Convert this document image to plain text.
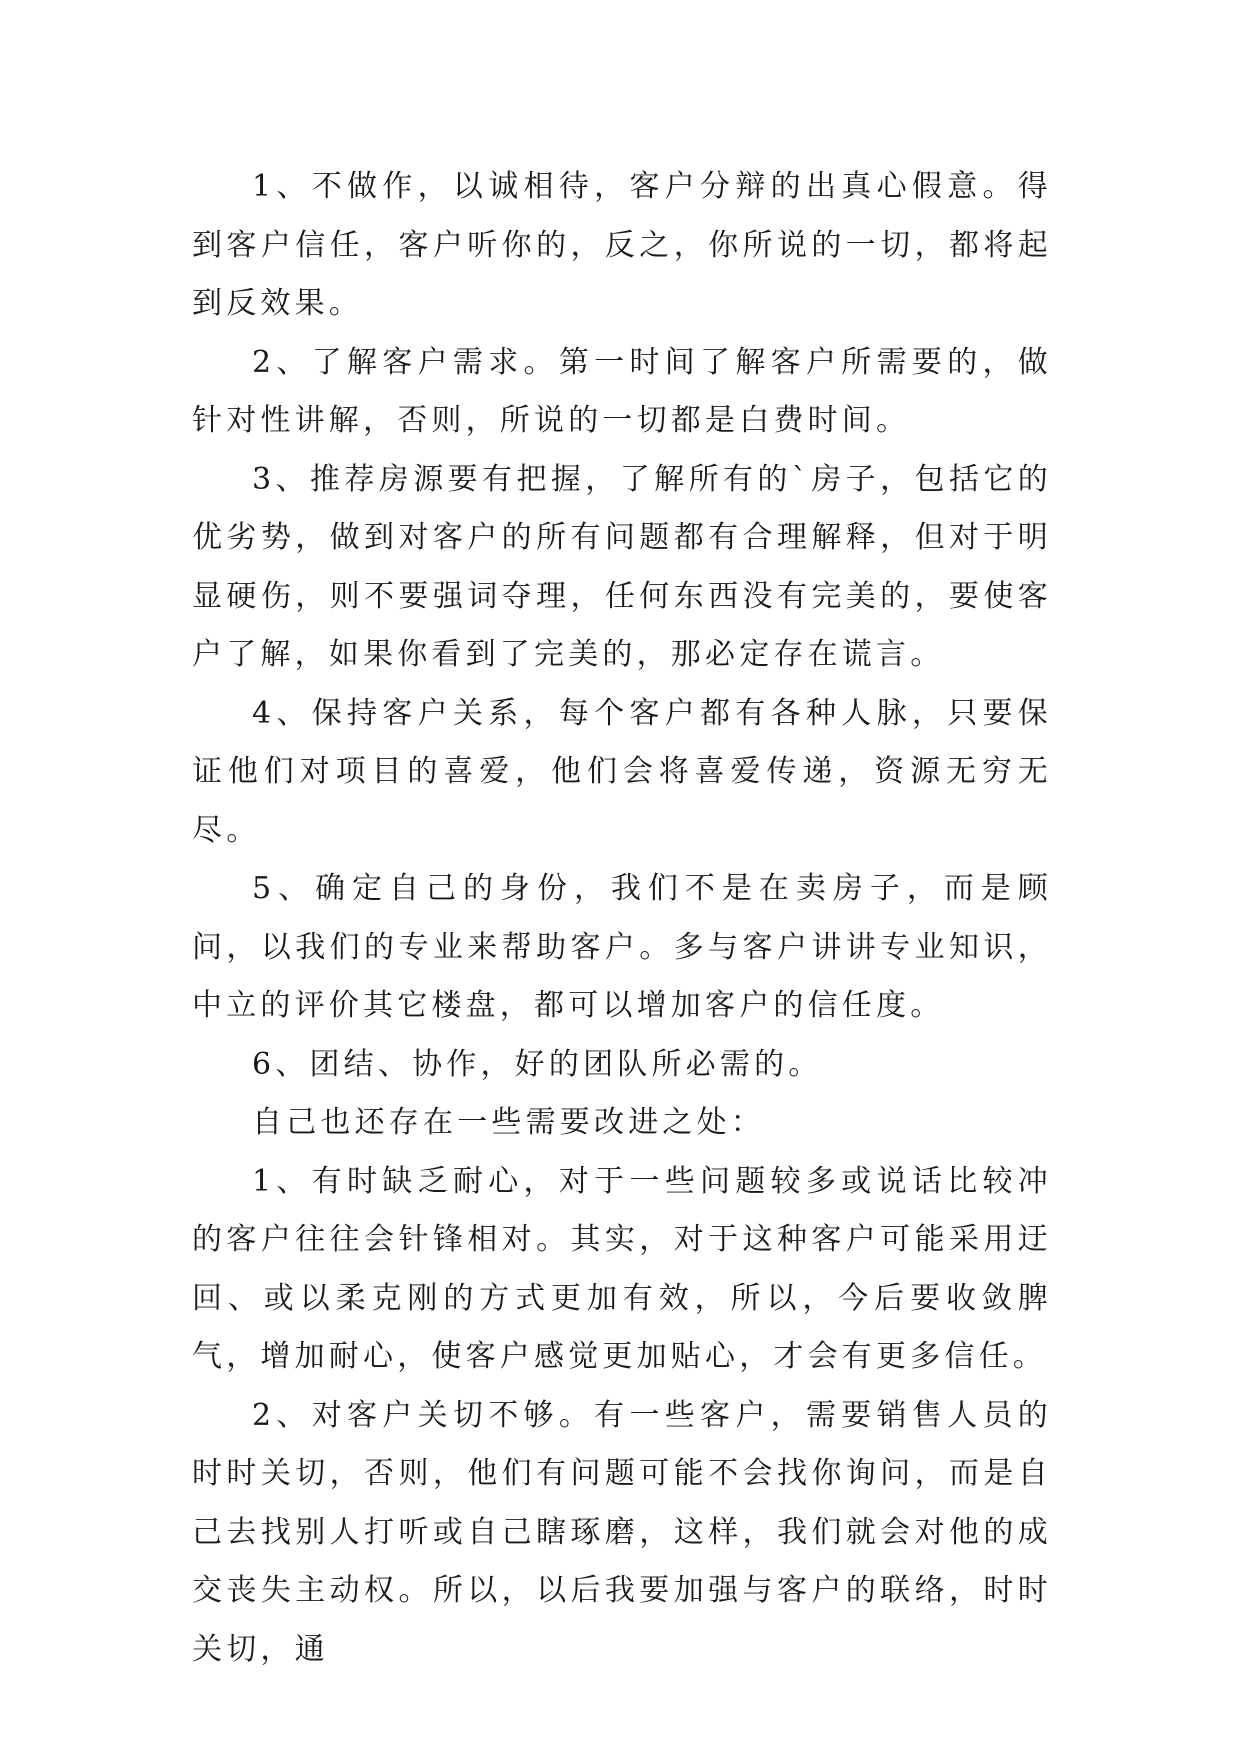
1、不做作，以诚相待，客户分辩的出真心假意。得到客户信任，客户听你的，反之，你所说的一切，都将起到反效果。

2、了解客户需求。第一时间了解客户所需要的，做针对性讲解，否则，所说的一切都是白费时间。

3、推荐房源要有把握，了解所有的`房子，包括它的优劣势，做到对客户的所有问题都有合理解释，但对于明显硬伤，则不要强词夺理，任何东西没有完美的，要使客户了解，如果你看到了完美的，那必定存在谎言。

4、保持客户关系，每个客户都有各种人脉，只要保证他们对项目的喜爱，他们会将喜爱传递，资源无穷无尽。

5、确定自己的身份，我们不是在卖房子，而是顾问，以我们的专业来帮助客户。多与客户讲讲专业知识，中立的评价其它楼盘，都可以增加客户的信任度。

6、团结、协作，好的团队所必需的。

自己也还存在一些需要改进之处：

1、有时缺乏耐心，对于一些问题较多或说话比较冲的客户往往会针锋相对。其实，对于这种客户可能采用迂回、或以柔克刚的方式更加有效，所以，今后要收敛脾气，增加耐心，使客户感觉更加贴心，才会有更多信任。

2、对客户关切不够。有一些客户，需要销售人员的时时关切，否则，他们有问题可能不会找你询问，而是自己去找别人打听或自己瞎琢磨，这样，我们就会对他的成交丧失主动权。所以，以后我要加强与客户的联络，时时关切，通
